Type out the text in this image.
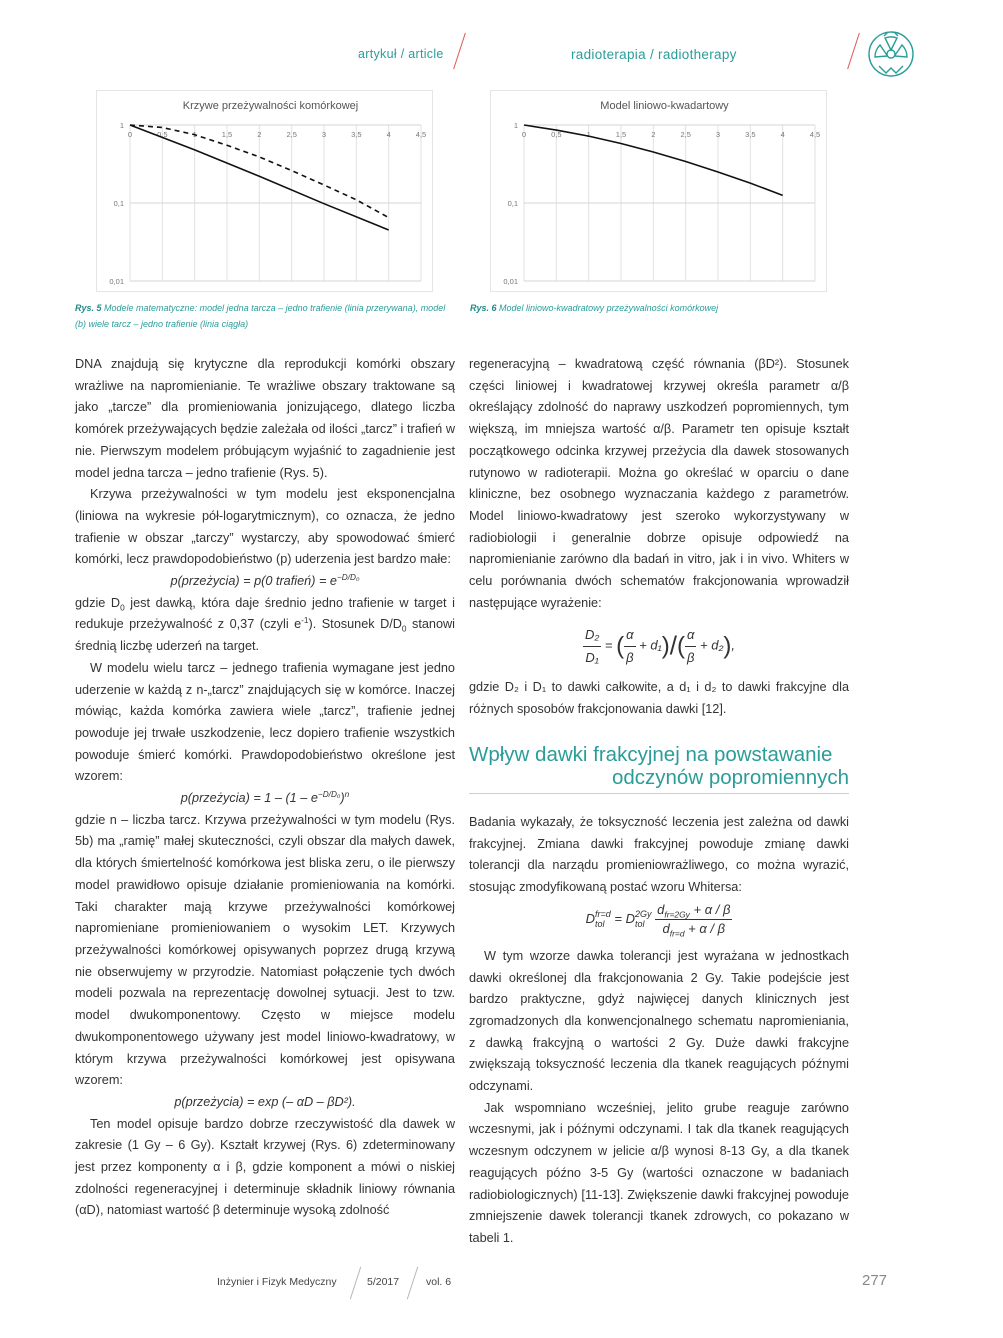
artykuł / article	radioterapia / radiotherapy
Krzywe przeżywalności komórkowej
0	0,5	1	1,5	2	2,5	3	3,5	4	4,5
1
0,1
0,01
Model liniowo-kwadartowy
0	0,5	1	1,5	2	2,5	3	3,5	4	4,5
1
0,1
0,01
Rys. 5 Modele matematyczne: model jedna tarcza – jedno trafienie (linia przerywana), model (b) wiele tarcz – jedno trafienie (linia ciągła)
Rys. 6 Model liniowo-kwadratowy przeżywalności komórkowej

DNA znajdują się krytyczne dla reprodukcji komórki obszary wrażliwe na napromienianie. Te wrażliwe obszary traktowane są jako „tarcze” dla promieniowania jonizującego, dlatego liczba komórek przeżywających będzie zależała od ilości „tarcz” i trafień w nie. Pierwszym modelem próbującym wyjaśnić to zagadnienie jest model jedna tarcza – jedno trafienie (Rys. 5).

Krzywa przeżywalności w tym modelu jest eksponencjalna (liniowa na wykresie pół-logarytmicznym), co oznacza, że jedno trafienie w obszar „tarczy” wystarczy, aby spowodować śmierć komórki, lecz prawdopodobieństwo (p) uderzenia jest bardzo małe:

p(przeżycia) = p(0 trafień) = $e^{-D/D_0}$

gdzie $D_0$ jest dawką, która daje średnio jedno trafienie w target i redukuje przeżywalność z 0,37 (czyli $e^{-1}$). Stosunek $D/D_0$ stanowi średnią liczbę uderzeń na target.

W modelu wielu tarcz – jednego trafienia wymagane jest jedno uderzenie w każdą z n-„tarcz” znajdujących się w komórce. Inaczej mówiąc, każda komórka zawiera wiele „tarcz”, trafienie jednej powoduje jej trwałe uszkodzenie, lecz dopiero trafienie wszystkich powoduje śmierć komórki. Prawdopodobieństwo określone jest wzorem:

p(przeżycia) = $1 - (1 - e^{-D/D_0})^n$

gdzie n – liczba tarcz. Krzywa przeżywalności w tym modelu (Rys. 5b) ma „ramię” małej skuteczności, czyli obszar dla małych dawek, dla których śmiertelność komórkowa jest bliska zeru, o ile pierwszy model prawidłowo opisuje działanie promieniowania na komórki. Taki charakter mają krzywe przeżywalności komórkowej napromieniane promieniowaniem o wysokim LET. Krzywych przeżywalności komórkowej opisywanych poprzez drugą krzywą nie obserwujemy w przyrodzie. Natomiast połączenie tych dwóch modeli pozwala na reprezentację dowolnej sytuacji. Jest to tzw. model dwukomponentowy. Często w miejsce modelu dwukomponentowego używany jest model liniowo-kwadratowy, w którym krzywa przeżywalności komórkowej jest opisywana wzorem:

p(przeżycia) = exp (– αD – βD²).

Ten model opisuje bardzo dobrze rzeczywistość dla dawek w zakresie (1 Gy – 6 Gy). Kształt krzywej (Rys. 6) zdeterminowany jest przez komponenty α i β, gdzie komponent a mówi o niskiej zdolności regeneracyjnej i determinuje składnik liniowy równania (αD), natomiast wartość β determinuje wysoką zdolność

regeneracyjną – kwadratową część równania (βD²). Stosunek części liniowej i kwadratowej krzywej określa parametr α/β określający zdolność do naprawy uszkodzeń popromiennych, tym większą, im mniejsza wartość α/β. Parametr ten opisuje kształt początkowego odcinka krzywej przeżycia dla dawek stosowanych rutynowo w radioterapii. Można go określać w oparciu o dane kliniczne, bez osobnego wyznaczania każdego z parametrów. Model liniowo-kwadratowy jest szeroko wykorzystywany w radiobiologii i generalnie dobrze opisuje odpowiedź na napromienianie zarówno dla badań in vitro, jak i in vivo. Whiters w celu porównania dwóch schematów frakcjonowania wprowadził następujące wyrażenie:

$\frac{\text{D₂}}{\text{D₁}}$ = ( $\frac{\alpha}{\beta} + d_1)/( \frac{\alpha}{\beta} + d_2)$,

gdzie D₂ i D₁ to dawki całkowite, a d₁ i d₂ to dawki frakcyjne dla różnych sposobów frakcjonowania dawki [12].

Wpływ dawki frakcyjnej na powstawanie
odczynów popromiennych

Badania wykazały, że toksyczność leczenia jest zależna od dawki frakcyjnej. Zmiana dawki frakcyjnej powoduje zmianę dawki tolerancji dla narządu promieniowrażliwego, co można wyrazić, stosując zmodyfikowaną postać wzoru Whitersa:

D fr=d
tol = D 2Gy
tol
$\frac{d_{fr=2Gy} + \alpha / \beta}{d_{fr=d} + \alpha / \beta}$

W tym wzorze dawka tolerancji jest wyrażana w jednostkach dawki określonej dla frakcjonowania 2 Gy. Takie podejście jest bardzo praktyczne, gdyż najwięcej danych klinicznych jest zgromadzonych dla konwencjonalnego schematu napromieniania, z dawką frakcyjną o wartości 2 Gy. Duże dawki frakcyjne zwiększają toksyczność leczenia dla tkanek reagujących późnymi odczynami.

Jak wspomniano wcześniej, jelito grube reaguje zarówno wczesnymi, jak i późnymi odczynami. I tak dla tkanek reagujących wczesnym odczynem w jelicie α/β wynosi 8-13 Gy, a dla tkanek reagujących późno 3-5 Gy (wartości oznaczone w badaniach radiobiologicznych) [11-13]. Zwiększenie dawki frakcyjnej powoduje zmniejszenie dawek tolerancji tkanek zdrowych, co pokazano w tabeli 1.

Inżynier i Fizyk Medyczny	5/2017	vol. 6	277
